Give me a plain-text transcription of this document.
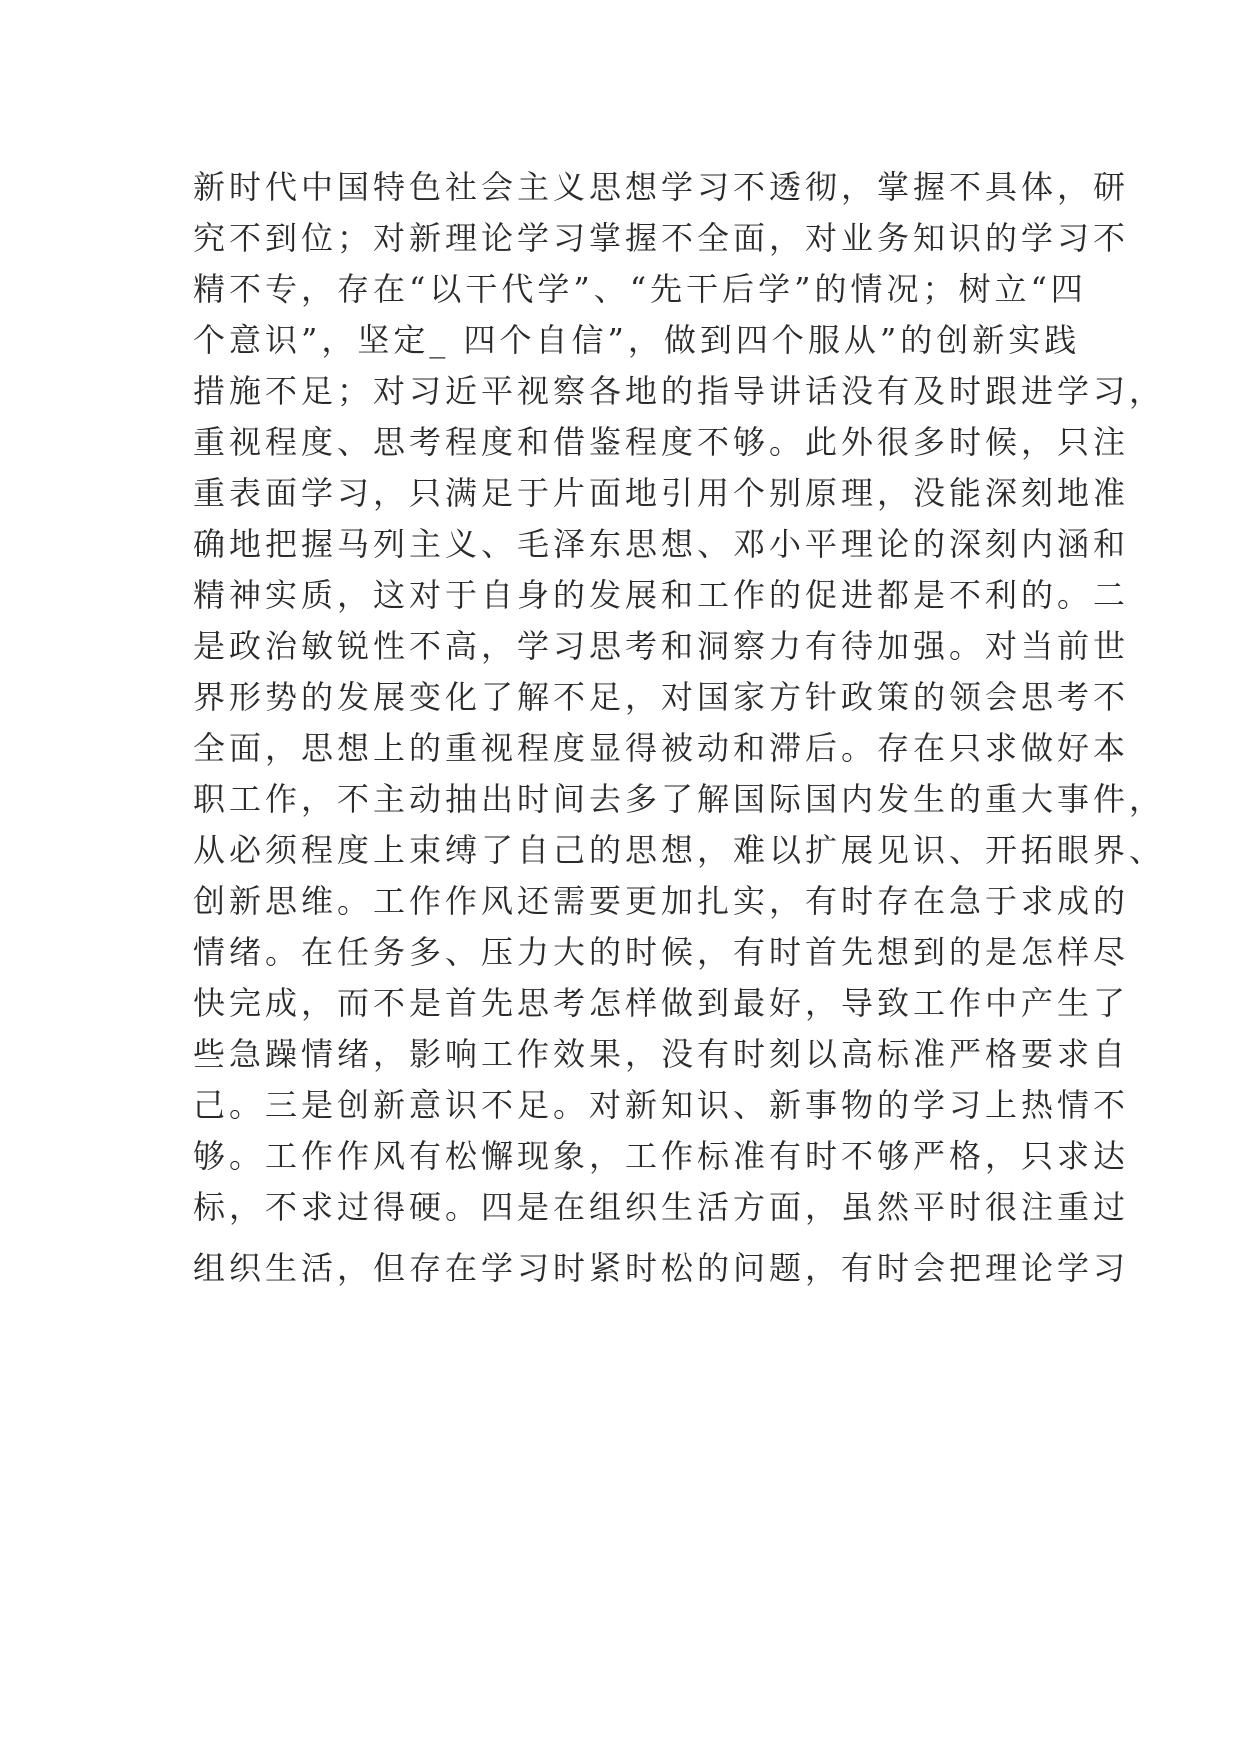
新时代中国特色社会主义思想学习不透彻，掌握不具体，研
究不到位；对新理论学习掌握不全面，对业务知识的学习不
精不专，存在“以干代学”、“先干后学”的情况；树立“四
个意识”，坚定_ 四个自信”，做到四个服从”的创新实践
措施不足；对习近平视察各地的指导讲话没有及时跟进学习，
重视程度、思考程度和借鉴程度不够。此外很多时候，只注
重表面学习，只满足于片面地引用个别原理，没能深刻地准
确地把握马列主义、毛泽东思想、邓小平理论的深刻内涵和
精神实质，这对于自身的发展和工作的促进都是不利的。二
是政治敏锐性不高，学习思考和洞察力有待加强。对当前世
界形势的发展变化了解不足，对国家方针政策的领会思考不
全面，思想上的重视程度显得被动和滞后。存在只求做好本
职工作，不主动抽出时间去多了解国际国内发生的重大事件，
从必须程度上束缚了自己的思想，难以扩展见识、开拓眼界、
创新思维。工作作风还需要更加扎实，有时存在急于求成的
情绪。在任务多、压力大的时候，有时首先想到的是怎样尽
快完成，而不是首先思考怎样做到最好，导致工作中产生了
些急躁情绪，影响工作效果，没有时刻以高标准严格要求自
己。三是创新意识不足。对新知识、新事物的学习上热情不
够。工作作风有松懈现象，工作标准有时不够严格，只求达
标，不求过得硬。四是在组织生活方面，虽然平时很注重过
组织生活，但存在学习时紧时松的问题，有时会把理论学习
